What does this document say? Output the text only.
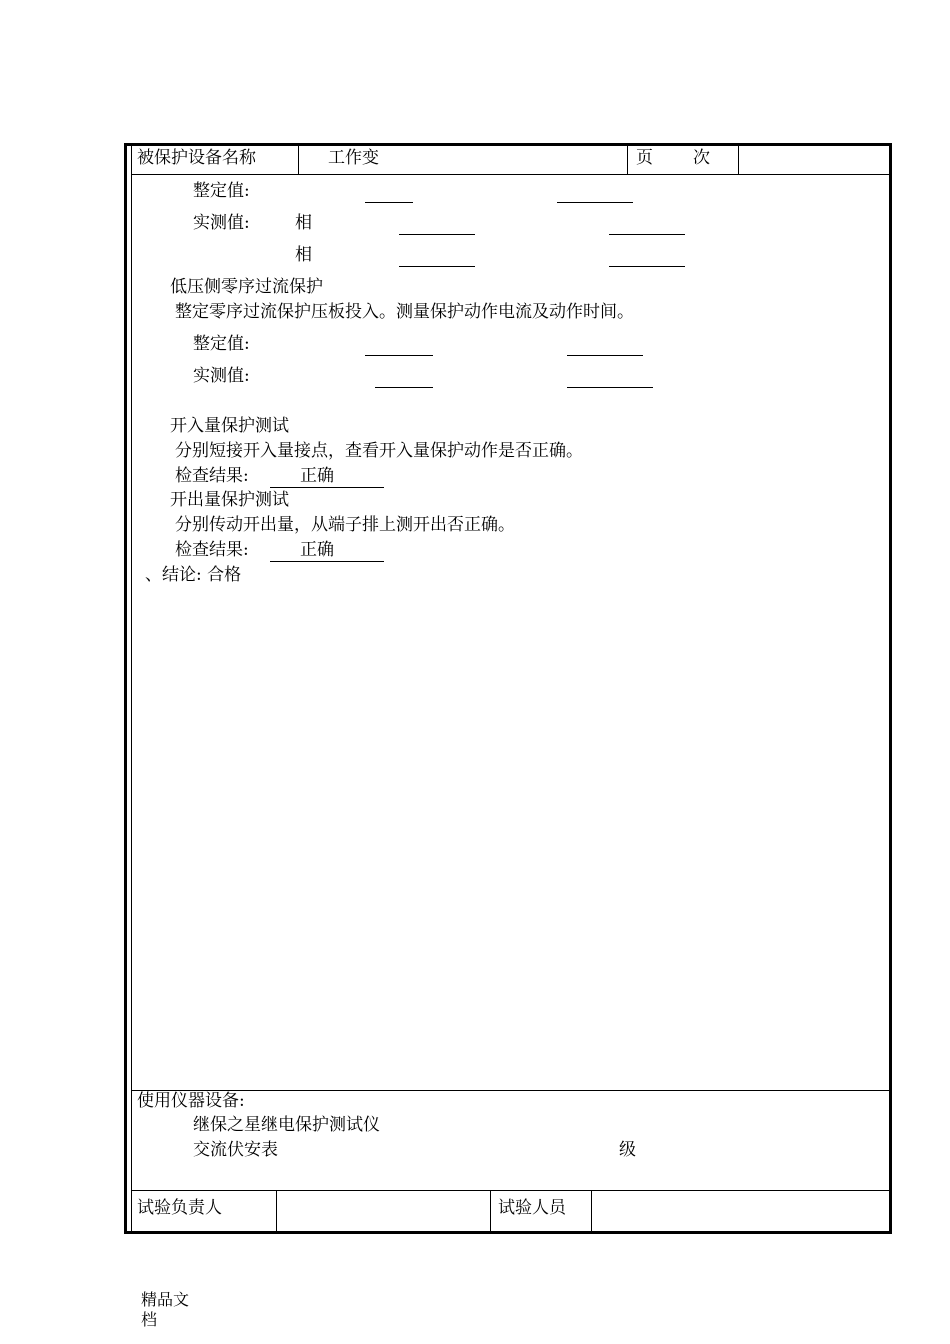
被保护设备名称	工作变	页 次
整定值:
实测值:	相
相
低压侧零序过流保护
整定零序过流保护压板投入。测量保护动作电流及动作时间。
整定值:
实测值:
开入量保护测试
分别短接开入量接点，查看开入量保护动作是否正确。
检查结果:	正确
开出量保护测试
分别传动开出量，从端子排上测开出否正确。
检查结果:	正确
、结论: 合格
使用仪器设备:
继保之星继电保护测试仪
交流伏安表	级
试验负责人	试验人员
精品文档
